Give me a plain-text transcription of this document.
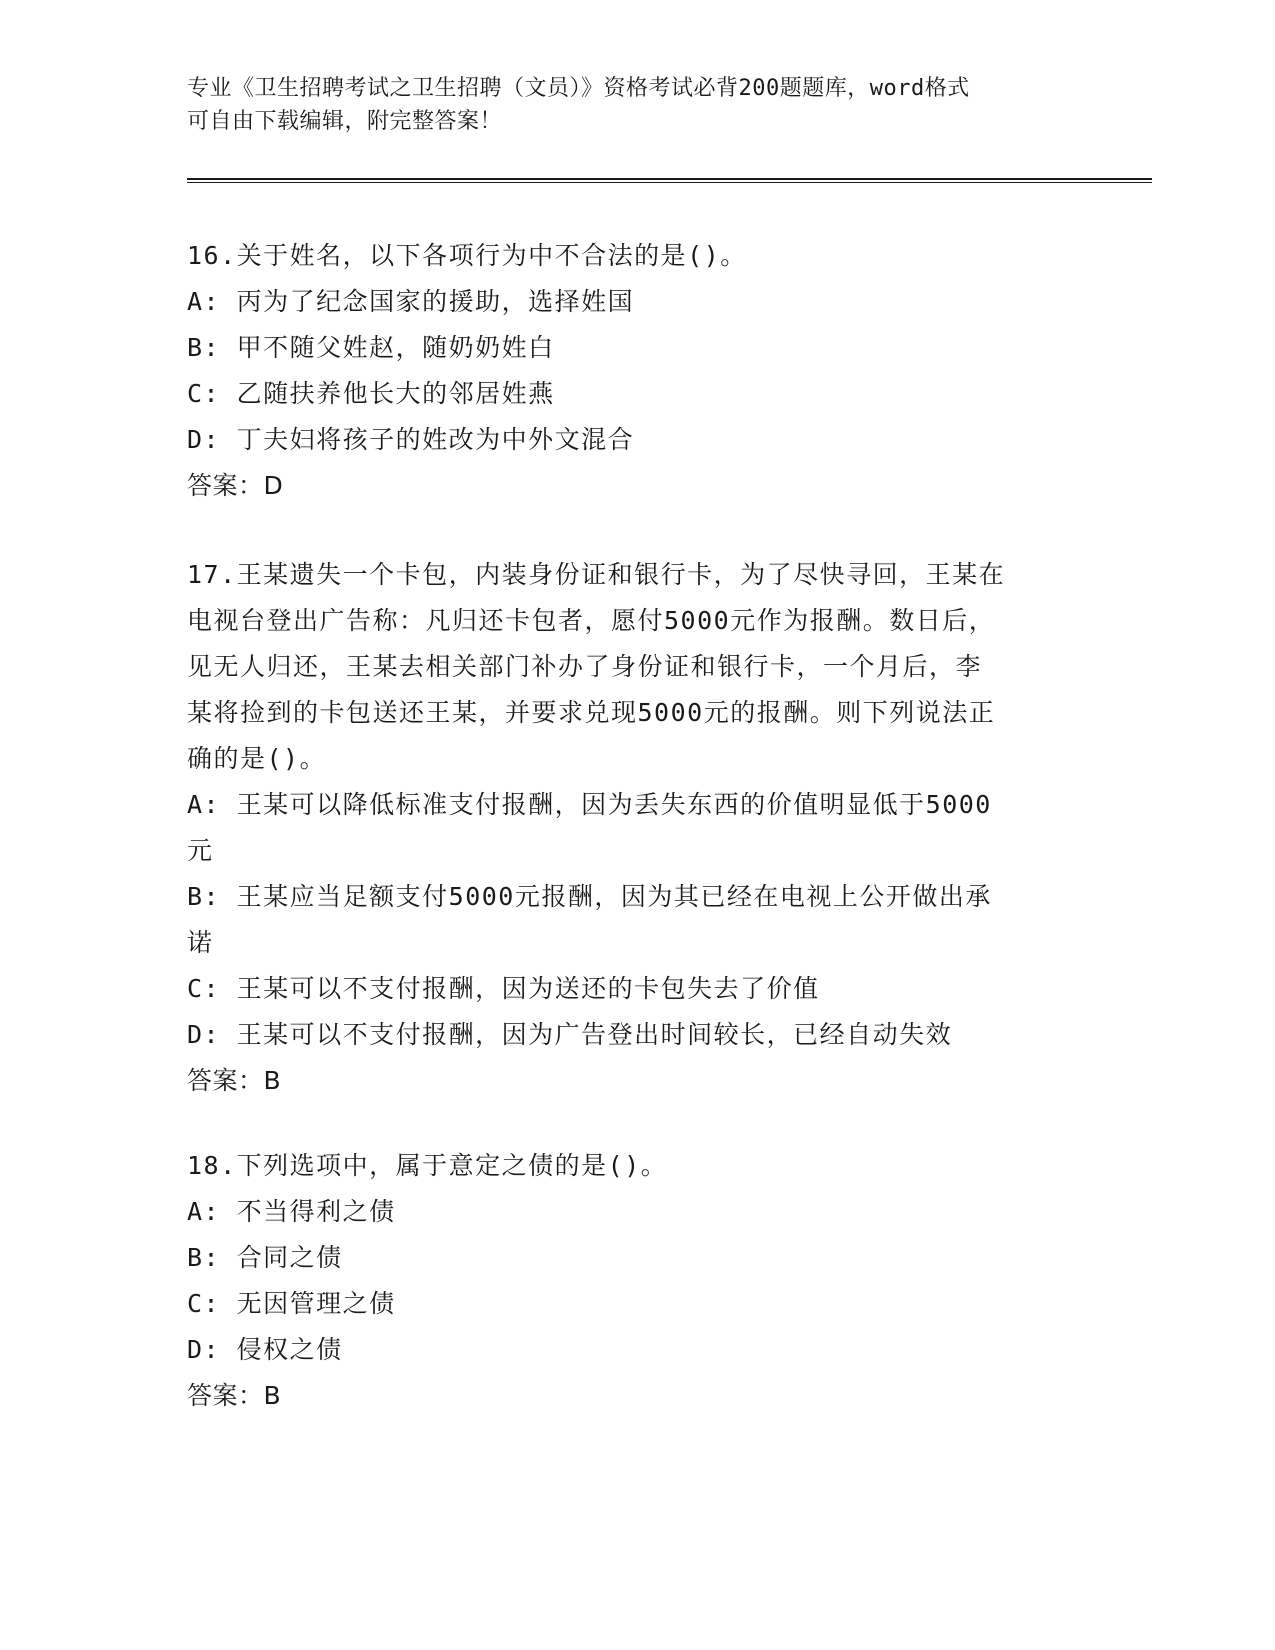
专业《卫生招聘考试之卫生招聘（文员）》资格考试必背200题题库，word格式
可自由下载编辑，附完整答案！
16.关于姓名，以下各项行为中不合法的是()。
A: 丙为了纪念国家的援助，选择姓国
B: 甲不随父姓赵，随奶奶姓白
C: 乙随扶养他长大的邻居姓燕
D: 丁夫妇将孩子的姓改为中外文混合
答案：D
17.王某遗失一个卡包，内装身份证和银行卡，为了尽快寻回，王某在
电视台登出广告称：凡归还卡包者，愿付5000元作为报酬。数日后，
见无人归还，王某去相关部门补办了身份证和银行卡，一个月后，李
某将捡到的卡包送还王某，并要求兑现5000元的报酬。则下列说法正
确的是()。
A: 王某可以降低标准支付报酬，因为丢失东西的价值明显低于5000
元
B: 王某应当足额支付5000元报酬，因为其已经在电视上公开做出承
诺
C: 王某可以不支付报酬，因为送还的卡包失去了价值
D: 王某可以不支付报酬，因为广告登出时间较长，已经自动失效
答案：B
18.下列选项中，属于意定之债的是()。
A: 不当得利之债
B: 合同之债
C: 无因管理之债
D: 侵权之债
答案：B
